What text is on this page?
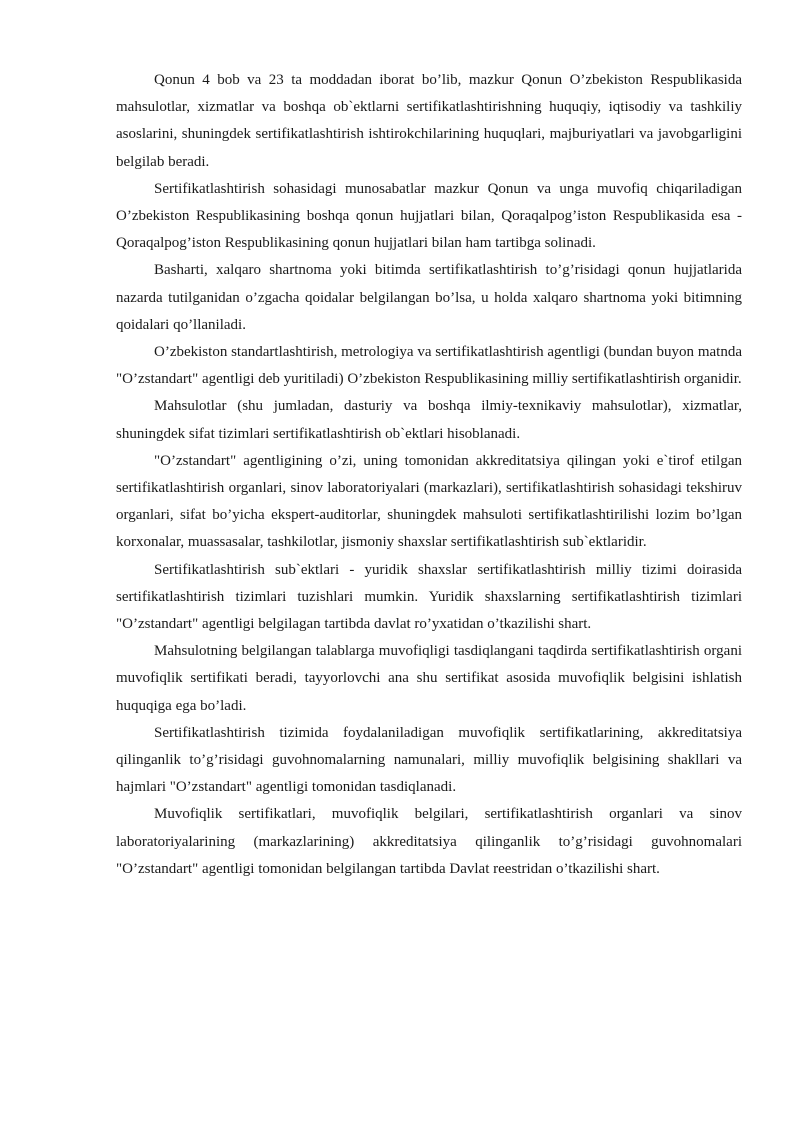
Qonun 4 bob va 23 ta moddadan iborat bo’lib, mazkur Qonun O’zbekiston Respublikasida mahsulotlar, xizmatlar va boshqa ob`ektlarni sertifikatlashtirishning huquqiy, iqtisodiy va tashkiliy asoslarini, shuningdek sertifikatlashtirish ishtirokchilarining huquqlari, majburiyatlari va javobgarligini belgilab beradi.

Sertifikatlashtirish sohasidagi munosabatlar mazkur Qonun va unga muvofiq chiqariladigan O’zbekiston Respublikasining boshqa qonun hujjatlari bilan, Qoraqalpog’iston Respublikasida esa - Qoraqalpog’iston Respublikasining qonun hujjatlari bilan ham tartibga solinadi.

Basharti, xalqaro shartnoma yoki bitimda sertifikatlashtirish to’g’risidagi qonun hujjatlarida nazarda tutilganidan o’zgacha qoidalar belgilangan bo’lsa, u holda xalqaro shartnoma yoki bitimning qoidalari qo’llaniladi.

O’zbekiston standartlashtirish, metrologiya va sertifikatlashtirish agentligi (bundan buyon matnda "O’zstandart" agentligi deb yuritiladi) O’zbekiston Respublikasining milliy sertifikatlashtirish organidir.

Mahsulotlar (shu jumladan, dasturiy va boshqa ilmiy-texnikaviy mahsulotlar), xizmatlar, shuningdek sifat tizimlari sertifikatlashtirish ob`ektlari hisoblanadi.

"O’zstandart" agentligining o’zi, uning tomonidan akkreditatsiya qilingan yoki e`tirof etilgan sertifikatlashtirish organlari, sinov laboratoriyalari (markazlari), sertifikatlashtirish sohasidagi tekshiruv organlari, sifat bo’yicha ekspert-auditorlar, shuningdek mahsuloti sertifikatlashtirilishi lozim bo’lgan korxonalar, muassasalar, tashkilotlar, jismoniy shaxslar sertifikatlashtirish sub`ektlaridir.

Sertifikatlashtirish sub`ektlari - yuridik shaxslar sertifikatlashtirish milliy tizimi doirasida sertifikatlashtirish tizimlari tuzishlari mumkin. Yuridik shaxslarning sertifikatlashtirish tizimlari "O’zstandart" agentligi belgilagan tartibda davlat ro’yxatidan o’tkazilishi shart.

Mahsulotning belgilangan talablarga muvofiqligi tasdiqlangani taqdirda sertifikatlashtirish organi muvofiqlik sertifikati beradi, tayyorlovchi ana shu sertifikat asosida muvofiqlik belgisini ishlatish huquqiga ega bo’ladi.

Sertifikatlashtirish tizimida foydalaniladigan muvofiqlik sertifikatlarining, akkreditatsiya qilinganlik to’g’risidagi guvohnomalarning namunalari, milliy muvofiqlik belgisining shakllari va hajmlari "O’zstandart" agentligi tomonidan tasdiqlanadi.

Muvofiqlik sertifikatlari, muvofiqlik belgilari, sertifikatlashtirish organlari va sinov laboratoriyalarining (markazlarining) akkreditatsiya qilinganlik to’g’risidagi guvohnomalari "O’zstandart" agentligi tomonidan belgilangan tartibda Davlat reestridan o’tkazilishi shart.
